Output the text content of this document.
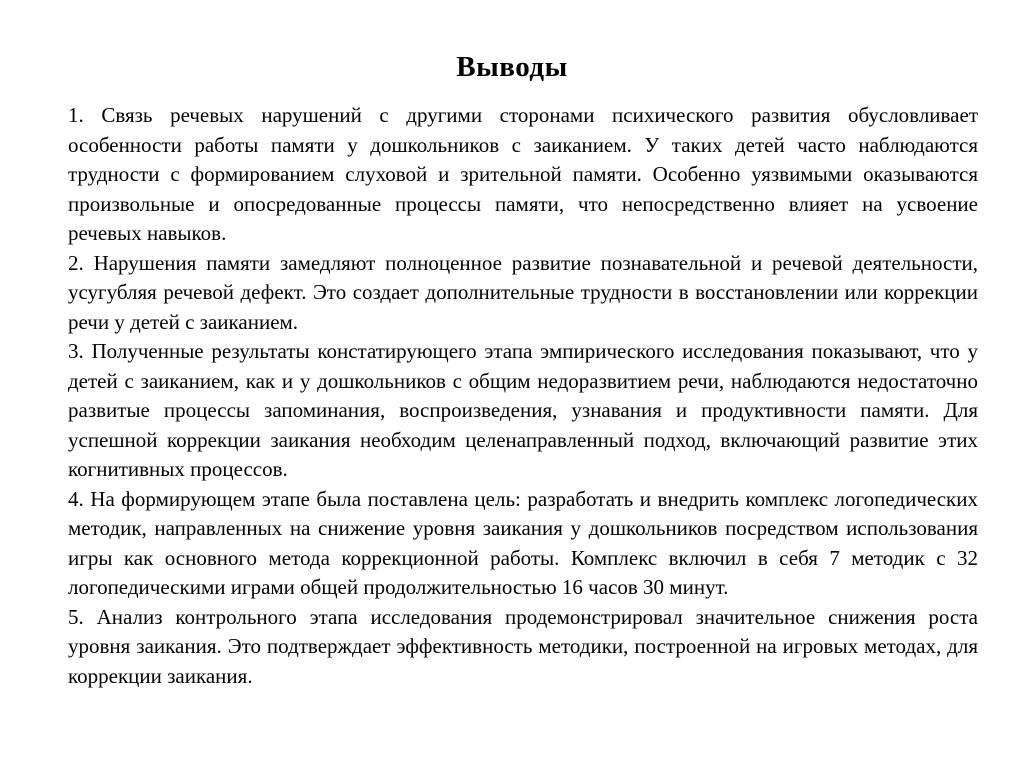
Выводы

1. Связь речевых нарушений с другими сторонами психического развития обусловливает особенности работы памяти у дошкольников с заиканием. У таких детей часто наблюдаются трудности с формированием слуховой и зрительной памяти. Особенно уязвимыми оказываются произвольные и опосредованные процессы памяти, что непосредственно влияет на усвоение речевых навыков.

2. Нарушения памяти замедляют полноценное развитие познавательной и речевой деятельности, усугубляя речевой дефект. Это создает дополнительные трудности в восстановлении или коррекции речи у детей с заиканием.

3. Полученные результаты констатирующего этапа эмпирического исследования показывают, что у детей с заиканием, как и у дошкольников с общим недоразвитием речи, наблюдаются недостаточно развитые процессы запоминания, воспроизведения, узнавания и продуктивности памяти. Для успешной коррекции заикания необходим целенаправленный подход, включающий развитие этих когнитивных процессов.

4. На формирующем этапе была поставлена цель: разработать и внедрить комплекс логопедических методик, направленных на снижение уровня заикания у дошкольников посредством использования игры как основного метода коррекционной работы. Комплекс включил в себя 7 методик с 32 логопедическими играми общей продолжительностью 16 часов 30 минут.

5. Анализ контрольного этапа исследования продемонстрировал значительное снижения роста уровня заикания. Это подтверждает эффективность методики, построенной на игровых методах, для коррекции заикания.
